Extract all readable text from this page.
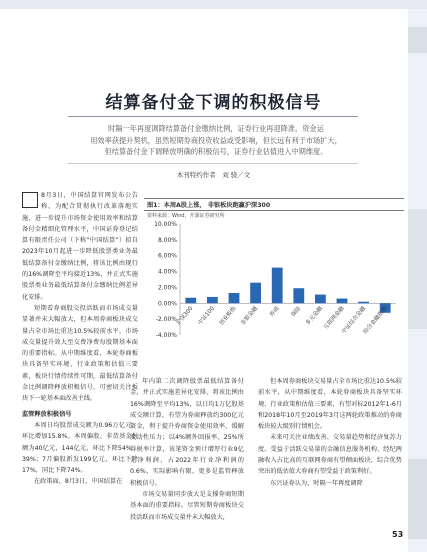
结算备付金下调的积极信号
时隔一年再度调降结算备付金缴纳比例，证券行业再迎降准，资金运
用效率获提升契机，虽然短期券商投资收益或受影响，但长远有利于市场扩大，
但结算备付金下调释放明确的积极信号，证券行业估值进入中期维度。
本刊特约作者　刘 骁／文

8月3日，中国结算官网发布公告称，为配合贯彻执行改革落地实施，进一步提升市场资金使用效率和结算备付金精细化管理水平，中国证券登记结算有限责任公司（下称“中国结算”）拟自2023年10月起进一步降低股票类业务最低结算备付金缴纳比例，将该比例由现行的16%调降至平均接近13%，并正式实施股票类业务最低结算备付金缴纳比例差异化安排。

短期看券商股交投活跃而市场成交量显著并未大幅放大，但本周券商板块成交量占全市场比重达10.5%较前水平，市场成交量提升效大至交费净费每股期基本面的重要指标。从中期维度看，本轮券商板块具备坚实环境、行业政策和估值三要素，板块行情持续性可期，最低结算备付金比例调降释放积极信号，可密切关注板块下一轮基本面改善主线。

监管释放积极信号

本周日均股票成交额为0.96万亿元，环比增加15.8%。本周偏股、非货基金份额为40亿元，144亿元，环比下降54%、39%；7月偏股新发199亿元，环比下降17%，同比下降74%。

在政策面，8月3日，中国结算在

图1：本周A股上涨， 非银板块跑赢沪深300
资料来源：Wind，开源证券研究所
10.00%
8.00%
6.00%
4.00%
2.00%
0.00%
-2.00%
-4.00%
沪深300 中证100 创业板指 非银金融 券商 保险 多元金融 互联网金融
中证综合金融
综合金融指数

年内第二次调降股票最低结算备付金，并正式实施差异化安排，将该比例由16%调降至平均13%，以日均1万亿股基成交额计算，有望为券商释放约300亿元资金，利于提升券商资金使用效率，缓解流动性压力；以4%额外回报率、25%所得税率计算，该笔资金预计增厚行业9亿元净利润，占2022年行业净利润的0.6%，实际影响有限，更多是监管释放积极信号。

市场交易量同步放大是支撑券商短期基本面的重要指标。尽管短期券商板块交投活跃而市场成交量并未大幅放大，

但本周券商板块交易量占全市场比重达10.5%较前水平，从中期维度看，本轮券商板块具备坚实环境、行业政策和估值三要素，有望对标2012年1-6月和2018年10月至2019年3月这两轮政策推动的券商板块较大级别行情机会。

未来可关注业绩改善、交易量趋势和经济复苏力度。受益于活跃交易量的金融信息服务机构、经纪两融收入占比高的互联网券商有望侧面板块，综合优势突出的低估值大券商有望受益于政策利好。

东兴证券认为，时隔一年再度调降

53
